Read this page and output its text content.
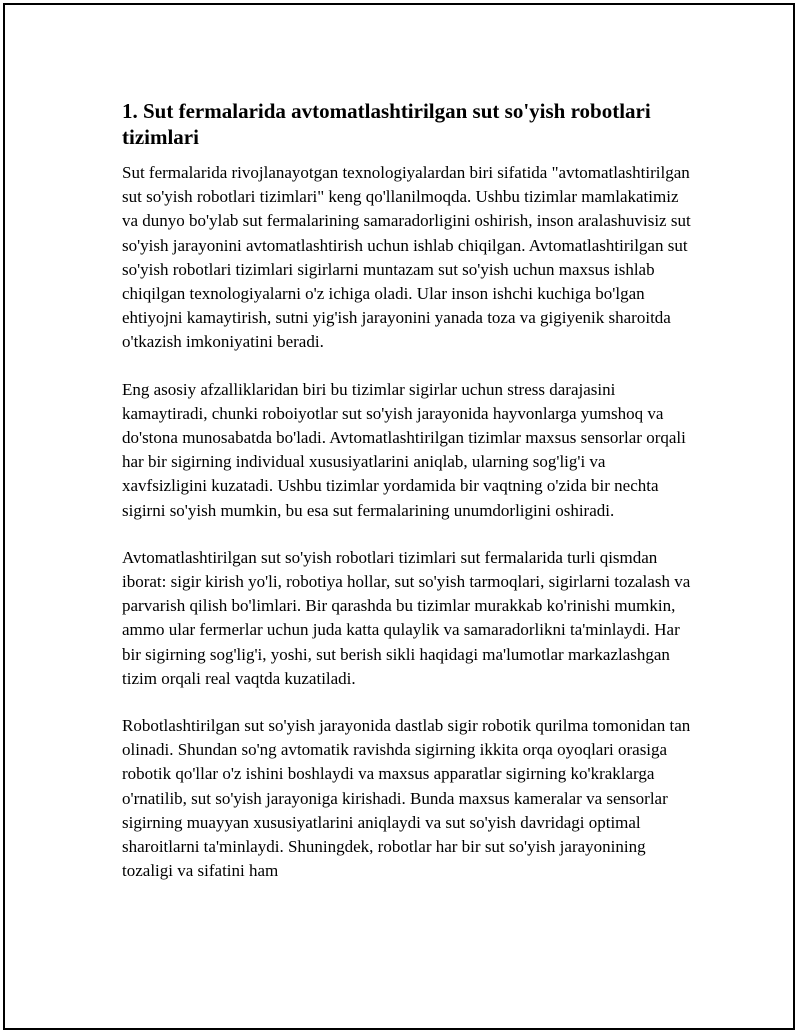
1. Sut fermalarida avtomatlashtirilgan sut so'yish robotlari tizimlari

Sut fermalarida rivojlanayotgan texnologiyalardan biri sifatida "avtomatlashtirilgan sut so'yish robotlari tizimlari" keng qo'llanilmoqda. Ushbu tizimlar mamlakatimiz va dunyo bo'ylab sut fermalarining samaradorligini oshirish, inson aralashuvisiz sut so'yish jarayonini avtomatlashtirish uchun ishlab chiqilgan. Avtomatlashtirilgan sut so'yish robotlari tizimlari sigirlarni muntazam sut so'yish uchun maxsus ishlab chiqilgan texnologiyalarni o'z ichiga oladi. Ular inson ishchi kuchiga bo'lgan ehtiyojni kamaytirish, sutni yig'ish jarayonini yanada toza va gigiyenik sharoitda o'tkazish imkoniyatini beradi.

Eng asosiy afzalliklaridan biri bu tizimlar sigirlar uchun stress darajasini kamaytiradi, chunki roboiyotlar sut so'yish jarayonida hayvonlarga yumshoq va do'stona munosabatda bo'ladi. Avtomatlashtirilgan tizimlar maxsus sensorlar orqali har bir sigirning individual xususiyatlarini aniqlab, ularning sog'lig'i va xavfsizligini kuzatadi. Ushbu tizimlar yordamida bir vaqtning o'zida bir nechta sigirni so'yish mumkin, bu esa sut fermalarining unumdorligini oshiradi.

Avtomatlashtirilgan sut so'yish robotlari tizimlari sut fermalarida turli qismdan iborat: sigir kirish yo'li, robotiya hollar, sut so'yish tarmoqlari, sigirlarni tozalash va parvarish qilish bo'limlari. Bir qarashda bu tizimlar murakkab ko'rinishi mumkin, ammo ular fermerlar uchun juda katta qulaylik va samaradorlikni ta'minlaydi. Har bir sigirning sog'lig'i, yoshi, sut berish sikli haqidagi ma'lumotlar markazlashgan tizim orqali real vaqtda kuzatiladi.

Robotlashtirilgan sut so'yish jarayonida dastlab sigir robotik qurilma tomonidan tan olinadi. Shundan so'ng avtomatik ravishda sigirning ikkita orqa oyoqlari orasiga robotik qo'llar o'z ishini boshlaydi va maxsus apparatlar sigirning ko'kraklarga o'rnatilib, sut so'yish jarayoniga kirishadi. Bunda maxsus kameralar va sensorlar sigirning muayyan xususiyatlarini aniqlaydi va sut so'yish davridagi optimal sharoitlarni ta'minlaydi. Shuningdek, robotlar har bir sut so'yish jarayonining tozaligi va sifatini ham
